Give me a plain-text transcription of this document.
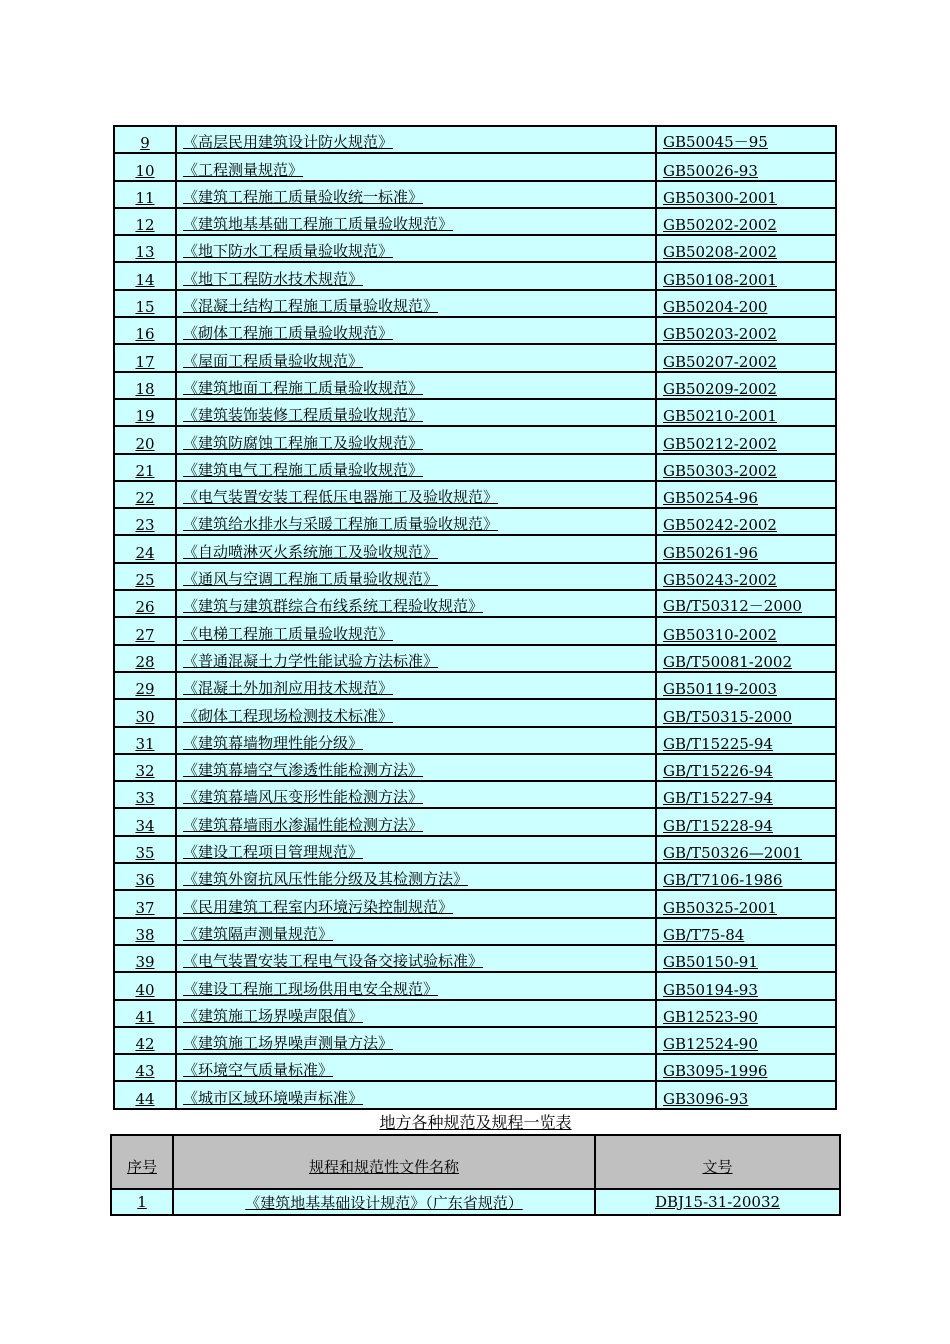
9	《高层民用建筑设计防火规范》	GB50045－95
10	《工程测量规范》	GB50026-93
11	《建筑工程施工质量验收统一标准》	GB50300-2001
12	《建筑地基基础工程施工质量验收规范》	GB50202-2002
13	《地下防水工程质量验收规范》	GB50208-2002
14	《地下工程防水技术规范》	GB50108-2001
15	《混凝土结构工程施工质量验收规范》	GB50204-200
16	《砌体工程施工质量验收规范》	GB50203-2002
17	《屋面工程质量验收规范》	GB50207-2002
18	《建筑地面工程施工质量验收规范》	GB50209-2002
19	《建筑装饰装修工程质量验收规范》	GB50210-2001
20	《建筑防腐蚀工程施工及验收规范》	GB50212-2002
21	《建筑电气工程施工质量验收规范》	GB50303-2002
22	《电气装置安装工程低压电器施工及验收规范》	GB50254-96
23	《建筑给水排水与采暖工程施工质量验收规范》	GB50242-2002
24	《自动喷淋灭火系统施工及验收规范》	GB50261-96
25	《通风与空调工程施工质量验收规范》	GB50243-2002
26	《建筑与建筑群综合布线系统工程验收规范》	GB/T50312－2000
27	《电梯工程施工质量验收规范》	GB50310-2002
28	《普通混凝土力学性能试验方法标准》	GB/T50081-2002
29	《混凝土外加剂应用技术规范》	GB50119-2003
30	《砌体工程现场检测技术标准》	GB/T50315-2000
31	《建筑幕墙物理性能分级》	GB/T15225-94
32	《建筑幕墙空气渗透性能检测方法》	GB/T15226-94
33	《建筑幕墙风压变形性能检测方法》	GB/T15227-94
34	《建筑幕墙雨水渗漏性能检测方法》	GB/T15228-94
35	《建设工程项目管理规范》	GB/T50326—2001
36	《建筑外窗抗风压性能分级及其检测方法》	GB/T7106-1986
37	《民用建筑工程室内环境污染控制规范》	GB50325-2001
38	《建筑隔声测量规范》	GB/T75-84
39	《电气装置安装工程电气设备交接试验标准》	GB50150-91
40	《建设工程施工现场供用电安全规范》	GB50194-93
41	《建筑施工场界噪声限值》	GB12523-90
42	《建筑施工场界噪声测量方法》	GB12524-90
43	《环境空气质量标准》	GB3095-1996
44	《城市区域环境噪声标准》	GB3096-93
地方各种规范及规程一览表
序号	规程和规范性文件名称	文号
1	《建筑地基基础设计规范》（广东省规范）	DBJ15-31-20032
